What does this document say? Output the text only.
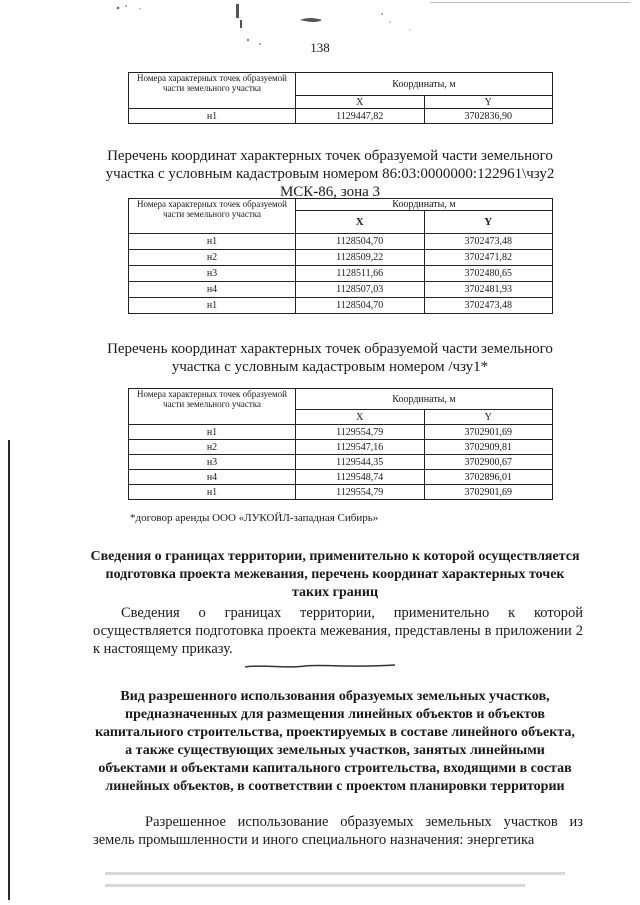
138
Номера характерных точек образуемой части земельного участка	Координаты, м	
	X	Y
н1	1129447,82	3702836,90
Перечень координат характерных точек образуемой части земельного участка с условным кадастровым номером 86:03:0000000:122961\чзу2 МСК-86, зона 3
Номера характерных точек образуемой части земельного участка	Координаты, м	
	X	Y
н1	1128504,70	3702473,48
н2	1128509,22	3702471,82
н3	1128511,66	3702480,65
н4	1128507,03	3702481,93
н1	1128504,70	3702473,48
Перечень координат характерных точек образуемой части земельного участка с условным кадастровым номером /чзу1*
Номера характерных точек образуемой части земельного участка	Координаты, м	
	X	Y
н1	1129554,79	3702901,69
н2	1129547,16	3702909,81
н3	1129544,35	3702900,67
н4	1129548,74	3702896,01
н1	1129554,79	3702901,69
*договор аренды ООО «ЛУКОЙЛ-западная Сибирь»
Сведения о границах территории, применительно к которой осуществляется подготовка проекта межевания, перечень координат характерных точек таких границ
Сведения о границах территории, применительно к которой осуществляется подготовка проекта межевания, представлены в приложении 2 к настоящему приказу.
Вид разрешенного использования образуемых земельных участков, предназначенных для размещения линейных объектов и объектов капитального строительства, проектируемых в составе линейного объекта, а также существующих земельных участков, занятых линейными объектами и объектами капитального строительства, входящими в состав линейных объектов, в соответствии с проектом планировки территории
Разрешенное использование образуемых земельных участков из земель промышленности и иного специального назначения: энергетика
